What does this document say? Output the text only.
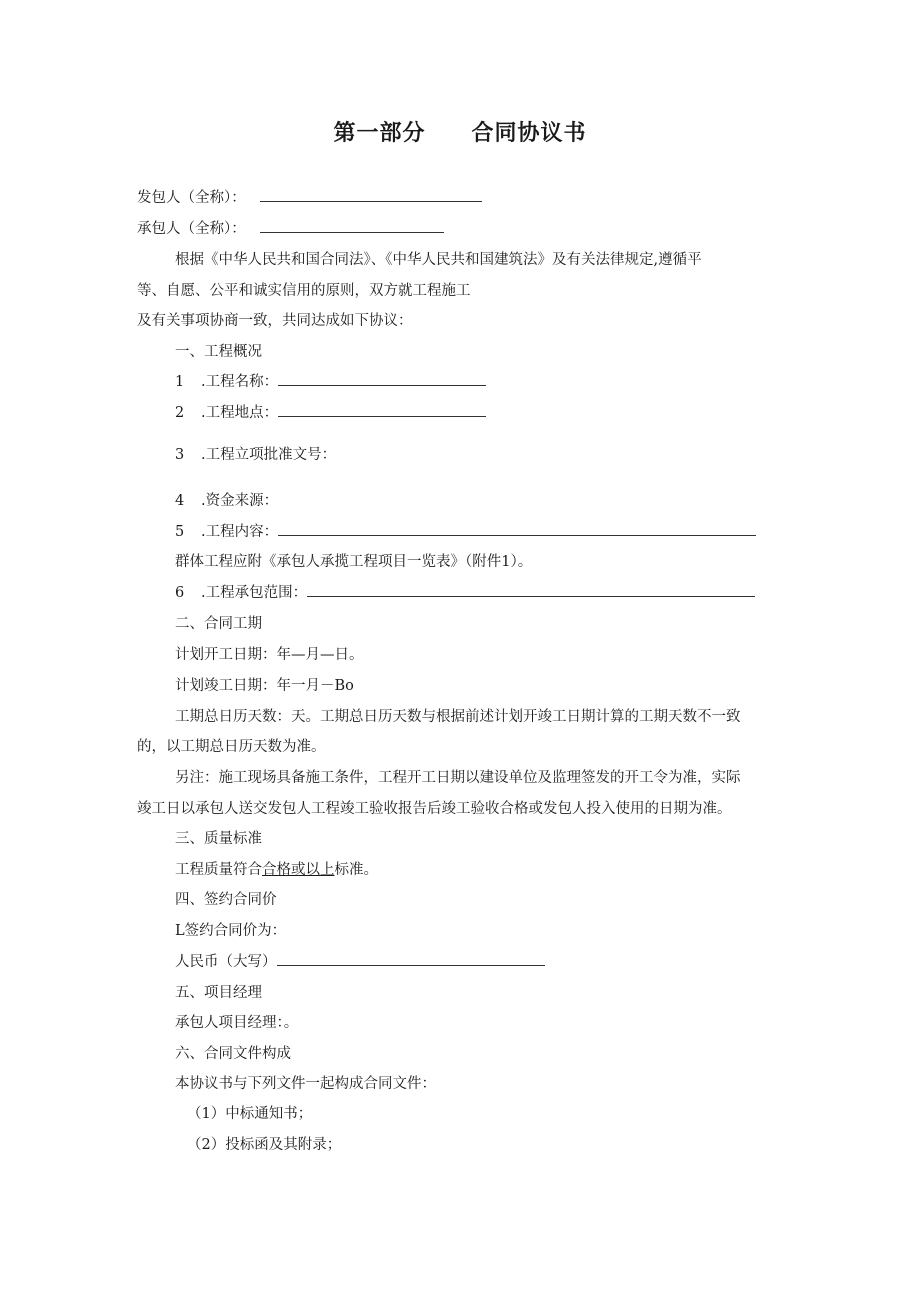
第一部分 合同协议书
发包人（全称）：
承包人（全称）：
根据《中华人民共和国合同法》、《中华人民共和国建筑法》及有关法律规定,遵循平
等、自愿、公平和诚实信用的原则，双方就工程施工
及有关事项协商一致，共同达成如下协议：
一、工程概况
1 .工程名称：
2 .工程地点：
3 .工程立项批准文号：
4 .资金来源：
5 .工程内容：
群体工程应附《承包人承揽工程项目一览表》（附件1）。
6 .工程承包范围：
二、合同工期
计划开工日期：年—月—日。
计划竣工日期：年一月－Bo
工期总日历天数：天。工期总日历天数与根据前述计划开竣工日期计算的工期天数不一致
的，以工期总日历天数为准。
另注：施工现场具备施工条件，工程开工日期以建设单位及监理签发的开工令为准，实际
竣工日以承包人送交发包人工程竣工验收报告后竣工验收合格或发包人投入使用的日期为准。
三、质量标准
工程质量符合合格或以上标准。
四、签约合同价
L签约合同价为：
人民币（大写）
五、项目经理
承包人项目经理：。
六、合同文件构成
本协议书与下列文件一起构成合同文件：
（1）中标通知书；
（2）投标函及其附录；
